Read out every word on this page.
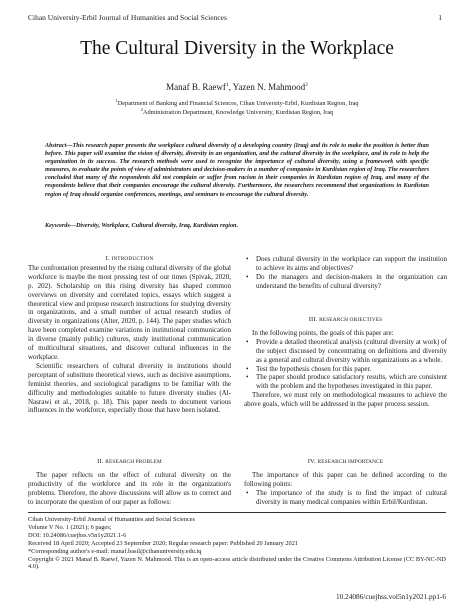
Cihan University-Erbil Journal of Humanities and Social Sciences	1
The Cultural Diversity in the Workplace
Manaf B. Raewf$^1$, Yazen N. Mahmood$^2$
$^1$Department of Banking and Financial Sciences, Cihan University-Erbil, Kurdistan Region, Iraq
$^2$Administration Department, Knowledge University, Kurdistan Region, Iraq
Abstract—This research paper presents the workplace cultural diversity of a developing country (Iraq) and its role to make the position is better than before. This paper will examine the vision of diversity, diversity in an organization, and the cultural diversity in the workplace, and its role to help the organization in its success. The research methods were used to recognize the importance of cultural diversity, using a framework with specific measures, to evaluate the points of view of administrators and decision-makers in a number of companies in Kurdistan region of Iraq. The researchers concluded that many of the respondents did not complain or suffer from racism in their companies in Kurdistan region of Iraq, and many of the respondents believe that their companies encourage the cultural diversity. Furthermore, the researchers recommend that organizations in Kurdistan region of Iraq should organize conferences, meetings, and seminars to encourage the cultural diversity.
Keywords—Diversity, Workplace, Cultural diversity, Iraq, Kurdistan region.
I. INTRODUCTION

The confrontation presented by the rising cultural diversity of the global workforce is maybe the most pressing test of our times (Spivak, 2020, p. 202). Scholarship on this rising diversity has shaped common overviews on diversity and correlated topics, essays which suggest a theoretical view and propose research instructions for studying diversity in organizations, and a small number of actual research studies of diversity in organizations (Alter, 2020, p. 144). The paper studies which have been completed examine variations in institutional communication in diverse (mainly public) cultures, study institutional communication of multicultural situations, and discover cultural influences in the workplace.

Scientific researchers of cultural diversity in institutions should perceptant of substitute theoretical views, such as decisive assumptions, feminist theories, and sociological paradigms to be familiar with the difficulty and methodologies suitable to future diversity studies (Al-Nasrawi et al., 2018, p. 18). This paper needs to document various influences in the workforce, especially those that have been isolated.

II. RESEARCH PROBLEM

The paper reflects on the effect of cultural diversity on the productivity of the workforce and its role in the organization's problems. Therefore, the above discussions will allow us to correct and to incorporate the question of our paper as follows:

• Does cultural diversity in the workplace can support the institution to achieve its aims and objectives?
• Do the managers and decision-makers in the organization can understand the benefits of cultural diversity?
III. RESEARCH OBJECTIVES

In the following points, the goals of this paper are:

• Provide a detailed theoretical analysis (cultural diversity at work) of the subject discussed by concentrating on definitions and diversity as a general and cultural diversity within organizations as a whole.
• Test the hypothesis chosen for this paper.
• The paper should produce satisfactory results, which are consistent with the problem and the hypotheses investigated in this paper.

Therefore, we must rely on methodological measures to achieve the above goals, which will be addressed in the paper process session.

IV. RESEARCH IMPORTANCE

The importance of this paper can be defined according to the following points:

• The importance of the study is to find the impact of cultural diversity in many medical companies within Erbil/Kurdistan.
Cihan University-Erbil Journal of Humanities and Social Sciences
Volume V No. 1 (2021); 6 pages;
DOI: 10.24086/cuejhss.v5n1y2021.1-6
Received 18 April 2020; Accepted 23 September 2020; Regular research paper: Published 20 January 2021
*Corresponding author's e-mail: manaf.basil@cihanuniversity.edu.iq
Copyright © 2021 Manaf B. Raewf, Yazen N. Mahmood. This is an open-access article distributed under the Creative Commons Attribution License (CC BY-NC-ND 4.0).
10.24086/cuejhss.vol5n1y2021.pp1-6
